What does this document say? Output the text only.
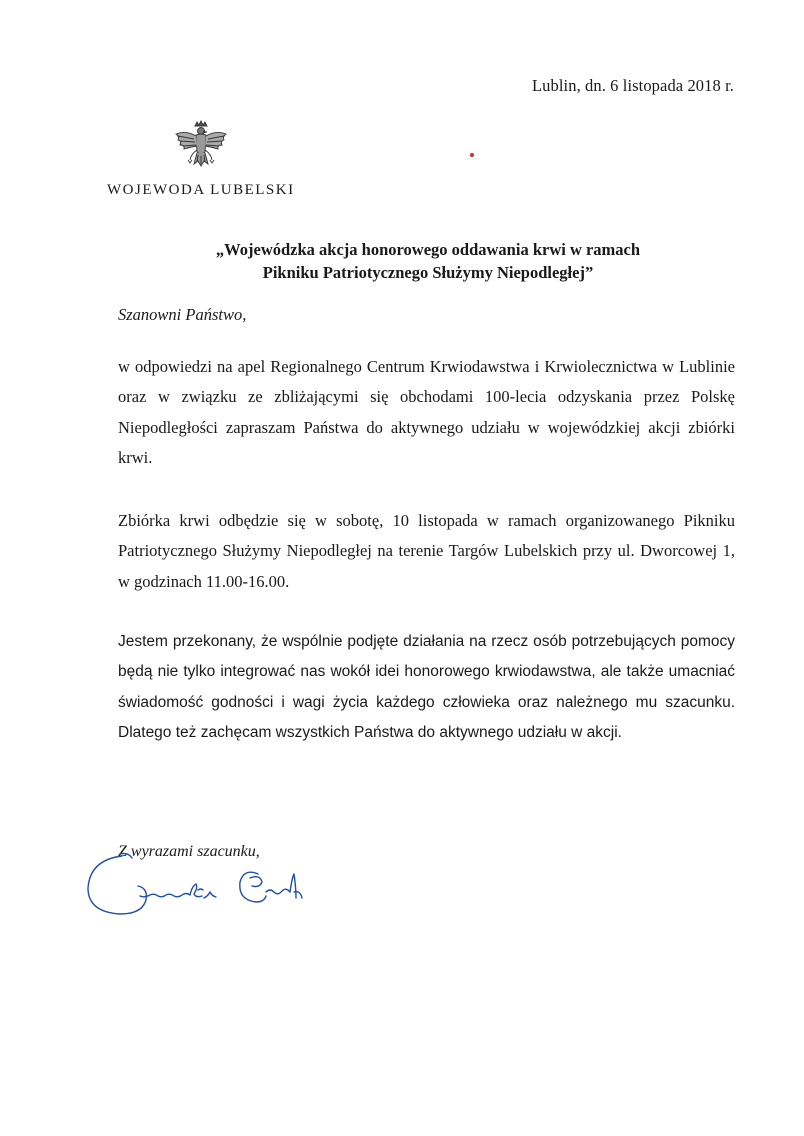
Lublin, dn. 6 listopada 2018 r.
WOJEWODA LUBELSKI
„Wojewódzka akcja honorowego oddawania krwi w ramach
Pikniku Patriotycznego Służymy Niepodległej”
Szanowni Państwo,
w odpowiedzi na apel Regionalnego Centrum Krwiodawstwa i Krwiolecznictwa w Lublinie oraz w związku ze zbliżającymi się obchodami 100-lecia odzyskania przez Polskę Niepodległości zapraszam Państwa do aktywnego udziału w wojewódzkiej akcji zbiórki krwi.
Zbiórka krwi odbędzie się w sobotę, 10 listopada w ramach organizowanego Pikniku Patriotycznego Służymy Niepodległej na terenie Targów Lubelskich przy ul. Dworcowej 1, w godzinach 11.00-16.00.
Jestem przekonany, że wspólnie podjęte działania na rzecz osób potrzebujących pomocy będą nie tylko integrować nas wokół idei honorowego krwiodawstwa, ale także umacniać świadomość godności i wagi życia każdego człowieka oraz należnego mu szacunku. Dlatego też zachęcam wszystkich Państwa do aktywnego udziału w akcji.
Z wyrazami szacunku,
